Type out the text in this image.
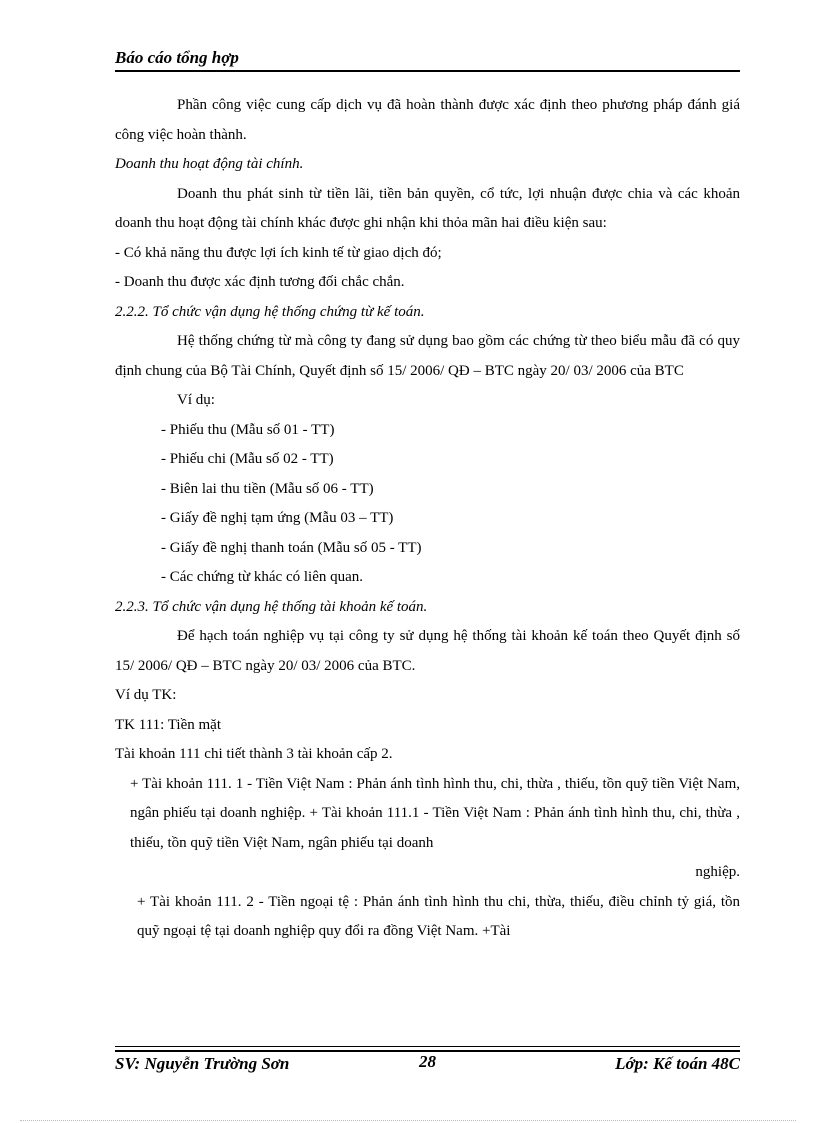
Báo cáo tổng hợp

Phần công việc cung cấp dịch vụ đã hoàn thành được xác định theo phương pháp đánh giá công việc hoàn thành.

Doanh thu hoạt động tài chính.

Doanh thu phát sinh từ tiền lãi, tiền bản quyền, cổ tức, lợi nhuận được chia và các khoản doanh thu hoạt động tài chính khác được ghi nhận khi thỏa mãn hai điều kiện sau:

- Có khả năng thu được lợi ích kinh tế từ giao dịch đó;

- Doanh thu được xác định tương đối chắc chắn.

2.2.2. Tổ chức vận dụng hệ thống chứng từ kế toán.

Hệ thống chứng từ mà công ty đang sử dụng bao gồm các chứng từ theo biểu mẫu đã có quy định chung của Bộ Tài Chính, Quyết định số 15/ 2006/ QĐ – BTC ngày 20/ 03/ 2006 của BTC

Ví dụ:

- Phiếu thu (Mẫu số 01 - TT)

- Phiếu chi (Mẫu số 02 - TT)

- Biên lai thu tiền (Mẫu số 06 - TT)

- Giấy đề nghị tạm ứng (Mẫu 03 – TT)

- Giấy đề nghị thanh toán (Mẫu số 05 - TT)

- Các chứng từ khác có liên quan.

2.2.3. Tổ chức vận dụng hệ thống tài khoản kế toán.

Để hạch toán nghiệp vụ tại công ty sử dụng hệ thống tài khoản kế toán theo Quyết định số 15/ 2006/ QĐ – BTC ngày 20/ 03/ 2006 của BTC.

Ví dụ TK:

TK 111: Tiền mặt

Tài khoản 111 chi tiết thành 3 tài khoản cấp 2.

+ Tài khoản 111. 1 - Tiền Việt Nam : Phản ánh tình hình thu, chi, thừa , thiếu, tồn quỹ tiền Việt Nam, ngân phiếu tại doanh nghiệp. + Tài khoản 111.1 - Tiền Việt Nam : Phản ánh tình hình thu, chi, thừa , thiếu, tồn quỹ tiền Việt Nam, ngân phiếu tại doanh

nghiệp.

+ Tài khoản 111. 2 - Tiền ngoại tệ : Phản ánh tình hình thu chi, thừa, thiếu, điều chỉnh tỷ giá, tồn quỹ ngoại tệ tại doanh nghiệp quy đổi ra đồng Việt Nam. +Tài

SV: Nguyễn Trường Sơn	28	Lớp: Kế toán 48C
